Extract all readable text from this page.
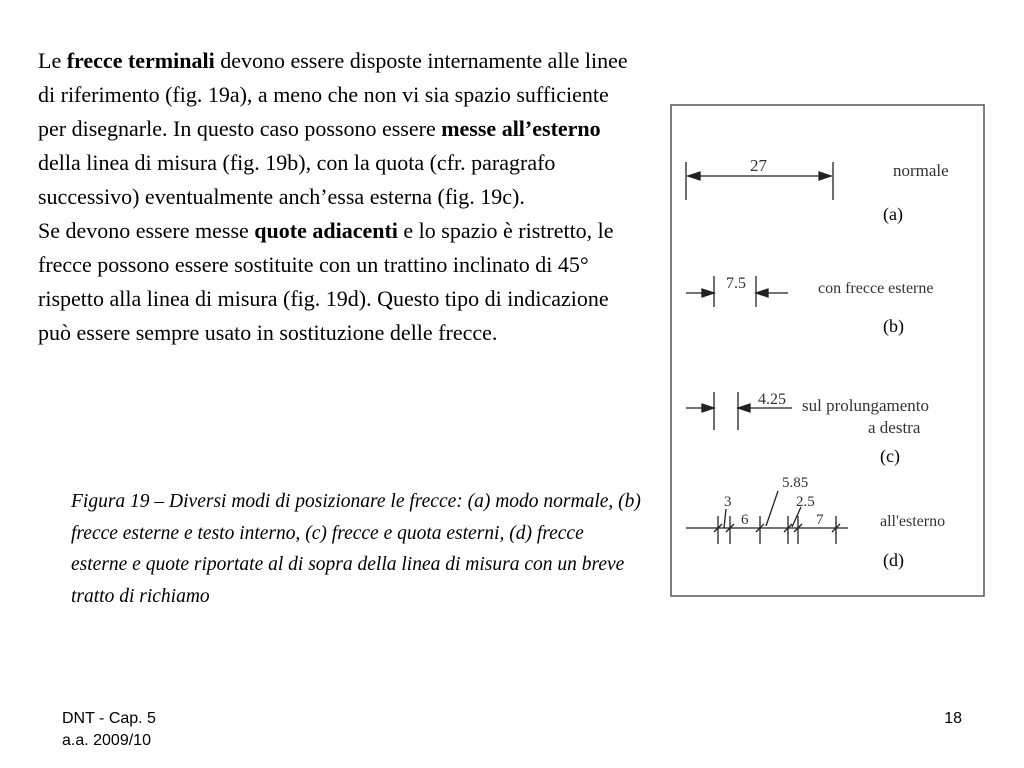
Le frecce terminali devono essere disposte internamente alle linee di riferimento (fig. 19a), a meno che non vi sia spazio sufficiente per disegnarle. In questo caso possono essere messe all’esterno della linea di misura (fig. 19b), con la quota (cfr. paragrafo successivo) eventualmente anch’essa esterna (fig. 19c).

Se devono essere messe quote adiacenti e lo spazio è ristretto, le frecce possono essere sostituite con un trattino inclinato di 45° rispetto alla linea di misura (fig. 19d). Questo tipo di indicazione può essere sempre usato in sostituzione delle frecce.

Figura 19 – Diversi modi di posizionare le frecce: (a) modo normale, (b) frecce esterne e testo interno, (c) frecce e quota esterni, (d) frecce esterne e quote riportate al di sopra della linea di misura con un breve tratto di richiamo
27	normale
(a)
7.5	con frecce esterne
(b)
4.25 sul prolungamento
a destra
(c)
3
6
5.85
2.5
7	all'esterno
(d)
DNT - Cap. 5
a.a. 2009/10
18
